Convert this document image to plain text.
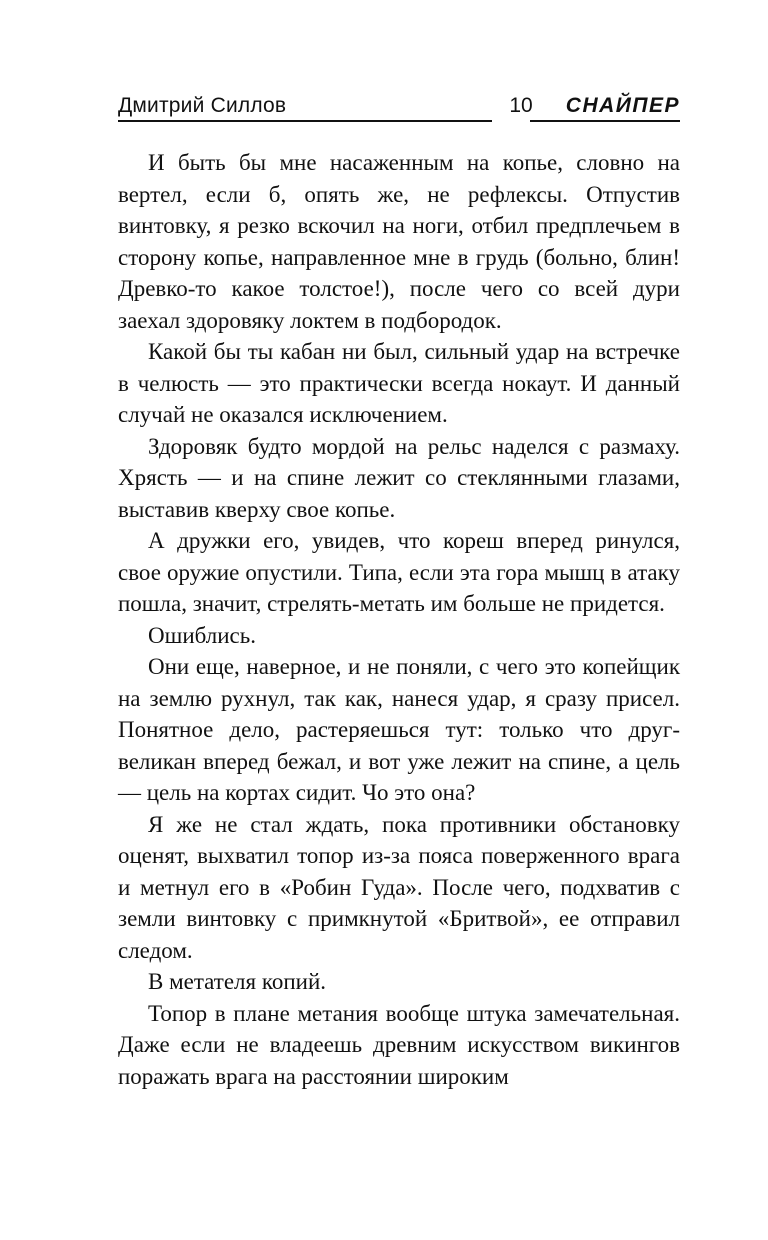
Дмитрий Силлов	10	СНАЙПЕР

И быть бы мне насаженным на копье, словно на вертел, если б, опять же, не рефлексы. Отпустив винтовку, я резко вскочил на ноги, отбил предплечьем в сторону копье, направленное мне в грудь (больно, блин! Древко-то какое толстое!), после чего со всей дури заехал здоровяку локтем в подбородок.

Какой бы ты кабан ни был, сильный удар на встречке в челюсть — это практически всегда нокаут. И данный случай не оказался исключением.

Здоровяк будто мордой на рельс наделся с размаху. Хрясть — и на спине лежит со стеклянными глазами, выставив кверху свое копье.

А дружки его, увидев, что кореш вперед ринулся, свое оружие опустили. Типа, если эта гора мышц в атаку пошла, значит, стрелять-метать им больше не придется.

Ошиблись.

Они еще, наверное, и не поняли, с чего это копейщик на землю рухнул, так как, нанеся удар, я сразу присел. Понятное дело, растеряешься тут: только что друг-великан вперед бежал, и вот уже лежит на спине, а цель — цель на кортах сидит. Чо это она?

Я же не стал ждать, пока противники обстановку оценят, выхватил топор из-за пояса поверженного врага и метнул его в «Робин Гуда». После чего, подхватив с земли винтовку с примкнутой «Бритвой», ее отправил следом.

В метателя копий.

Топор в плане метания вообще штука замечательная. Даже если не владеешь древним искусством викингов поражать врага на расстоянии широким
